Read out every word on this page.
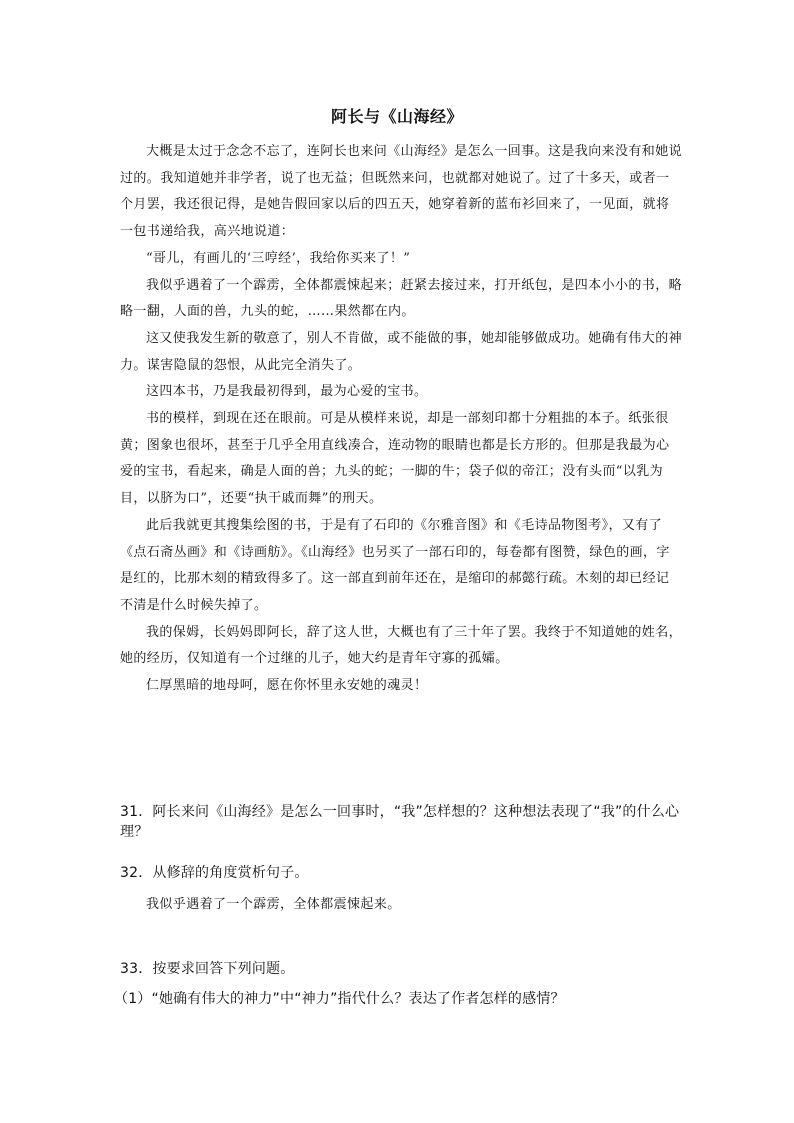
阿长与《山海经》

大概是太过于念念不忘了，连阿长也来问《山海经》是怎么一回事。这是我向来没有和她说过的。我知道她并非学者，说了也无益；但既然来问，也就都对她说了。过了十多天，或者一个月罢，我还很记得，是她告假回家以后的四五天，她穿着新的蓝布衫回来了，一见面，就将一包书递给我，高兴地说道：

“哥儿，有画儿的‘三哼经’，我给你买来了！”

我似乎遇着了一个霹雳，全体都震悚起来；赶紧去接过来，打开纸包，是四本小小的书，略略一翻，人面的兽，九头的蛇，……果然都在内。

这又使我发生新的敬意了，别人不肯做，或不能做的事，她却能够做成功。她确有伟大的神力。谋害隐鼠的怨恨，从此完全消失了。

这四本书，乃是我最初得到，最为心爱的宝书。

书的模样，到现在还在眼前。可是从模样来说，却是一部刻印都十分粗拙的本子。纸张很黄；图象也很坏，甚至于几乎全用直线凑合，连动物的眼睛也都是长方形的。但那是我最为心爱的宝书，看起来，确是人面的兽；九头的蛇；一脚的牛；袋子似的帝江；没有头而“以乳为目，以脐为口”，还要“执干戚而舞”的刑天。

此后我就更其搜集绘图的书，于是有了石印的《尔雅音图》和《毛诗品物图考》，又有了《点石斋丛画》和《诗画舫》。《山海经》也另买了一部石印的，每卷都有图赞，绿色的画，字是红的，比那木刻的精致得多了。这一部直到前年还在，是缩印的郝懿行疏。木刻的却已经记不清是什么时候失掉了。

我的保姆，长妈妈即阿长，辞了这人世，大概也有了三十年了罢。我终于不知道她的姓名，她的经历，仅知道有一个过继的儿子，她大约是青年守寡的孤孀。

仁厚黑暗的地母呵，愿在你怀里永安她的魂灵！

31．阿长来问《山海经》是怎么一回事时，“我”怎样想的？这种想法表现了“我”的什么心理？
32．从修辞的角度赏析句子。
我似乎遇着了一个霹雳，全体都震悚起来。
33．按要求回答下列问题。
（1）“她确有伟大的神力”中“神力”指代什么？表达了作者怎样的感情？
